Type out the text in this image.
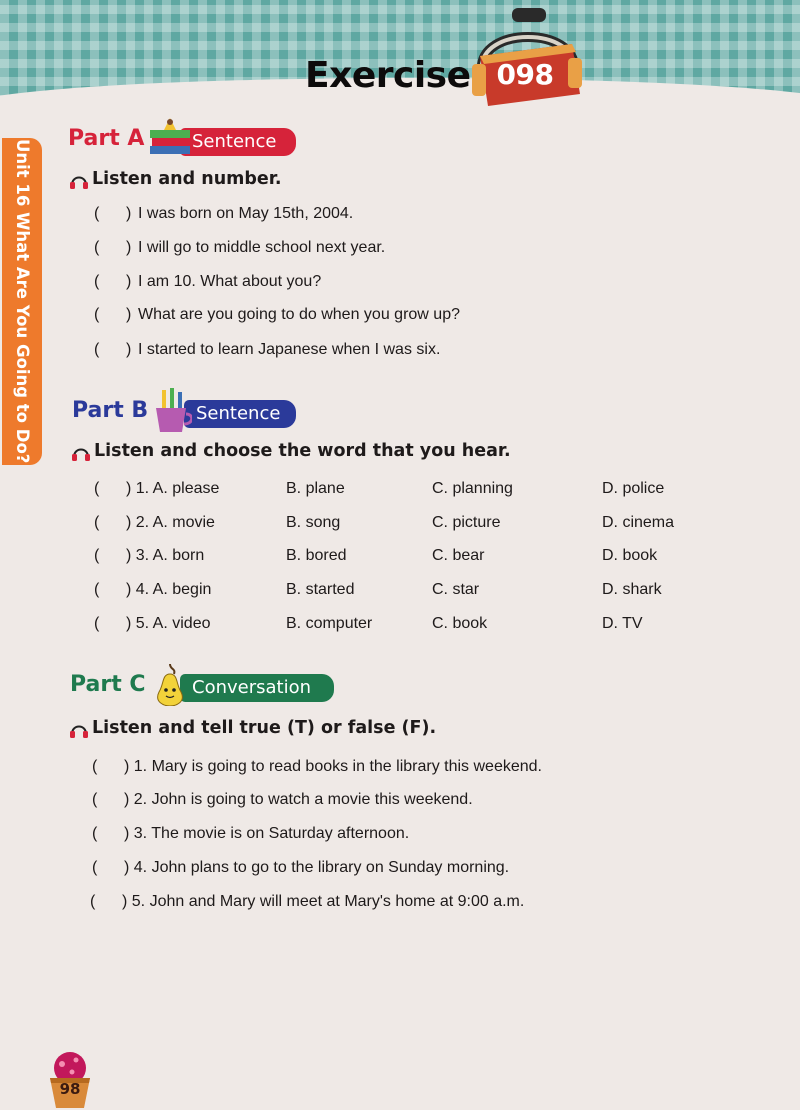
Exercise 098
Unit 16 What Are You Going to Do?
Part A	Sentence
Listen and number.
( ) I was born on May 15th, 2004.
( ) I will go to middle school next year.
( ) I am 10. What about you?
( ) What are you going to do when you grow up?
( ) I started to learn Japanese when I was six.
Part B	Sentence
Listen and choose the word that you hear.
( ) 1. A. please	B. plane	C. planning	D. police
( ) 2. A. movie	B. song	C. picture	D. cinema
( ) 3. A. born	B. bored	C. bear	D. book
( ) 4. A. begin	B. started	C. star	D. shark
( ) 5. A. video	B. computer	C. book	D. TV
Part C	Conversation
Listen and tell true (T) or false (F).
( ) 1. Mary is going to read books in the library this weekend.
( ) 2. John is going to watch a movie this weekend.
( ) 3. The movie is on Saturday afternoon.
( ) 4. John plans to go to the library on Sunday morning.
( ) 5. John and Mary will meet at Mary's home at 9:00 a.m.
98
